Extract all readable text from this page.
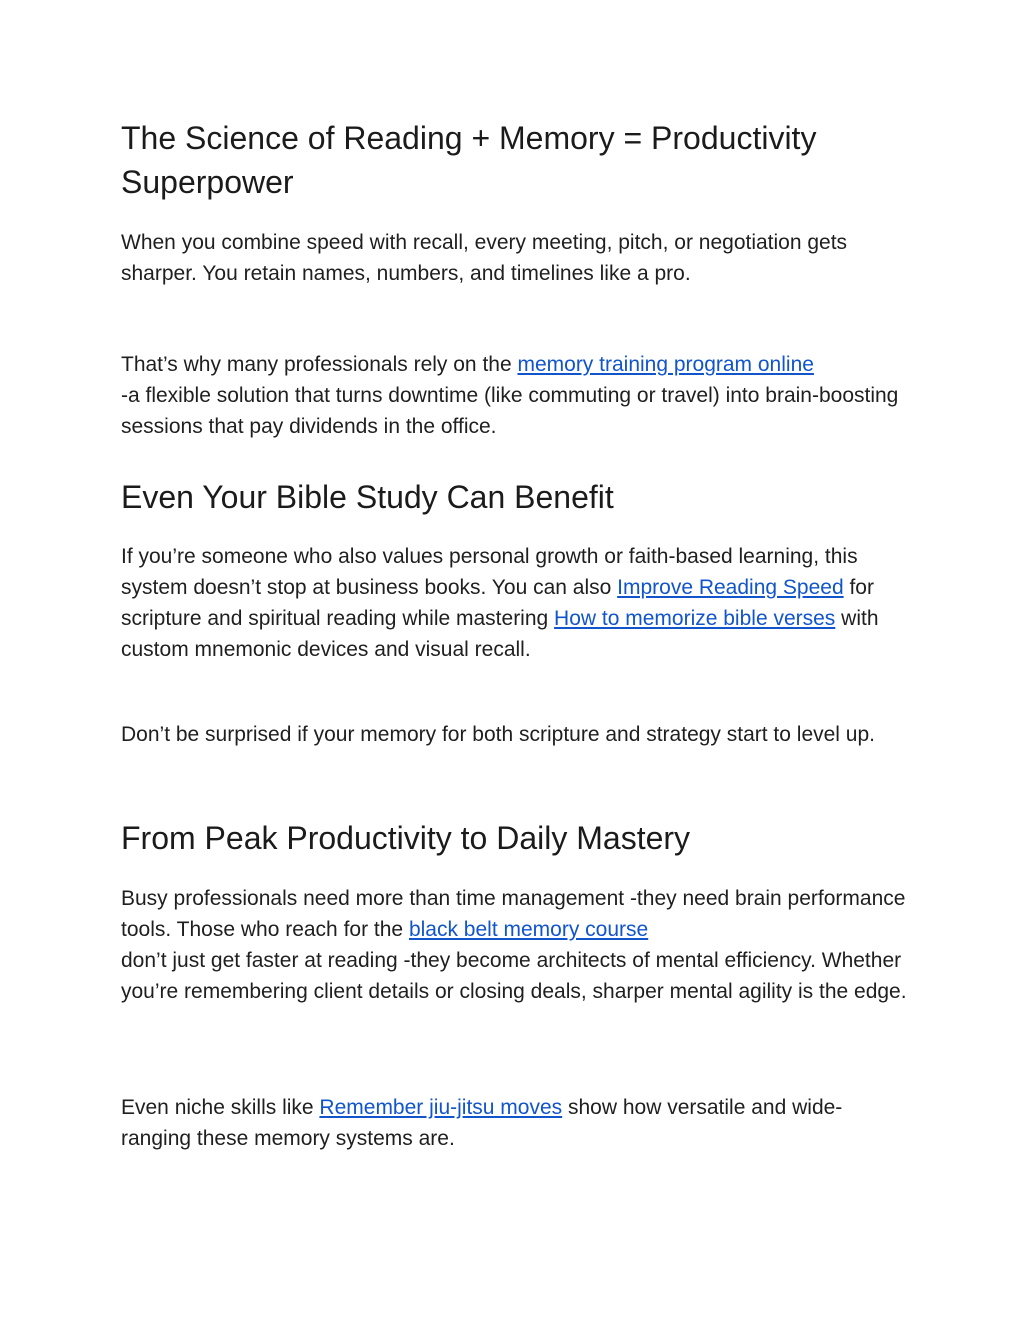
The Science of Reading + Memory = Productivity Superpower

When you combine speed with recall, every meeting, pitch, or negotiation gets sharper. You retain names, numbers, and timelines like a pro.

That’s why many professionals rely on the memory training program online
-a flexible solution that turns downtime (like commuting or travel) into brain-boosting sessions that pay dividends in the office.

Even Your Bible Study Can Benefit

If you’re someone who also values personal growth or faith-based learning, this system doesn’t stop at business books. You can also Improve Reading Speed for scripture and spiritual reading while mastering How to memorize bible verses with custom mnemonic devices and visual recall.

Don’t be surprised if your memory for both scripture and strategy start to level up.

From Peak Productivity to Daily Mastery

Busy professionals need more than time management -they need brain performance tools. Those who reach for the black belt memory course
don’t just get faster at reading -they become architects of mental efficiency. Whether you’re remembering client details or closing deals, sharper mental agility is the edge.

Even niche skills like Remember jiu-jitsu moves show how versatile and wide-ranging these memory systems are.
